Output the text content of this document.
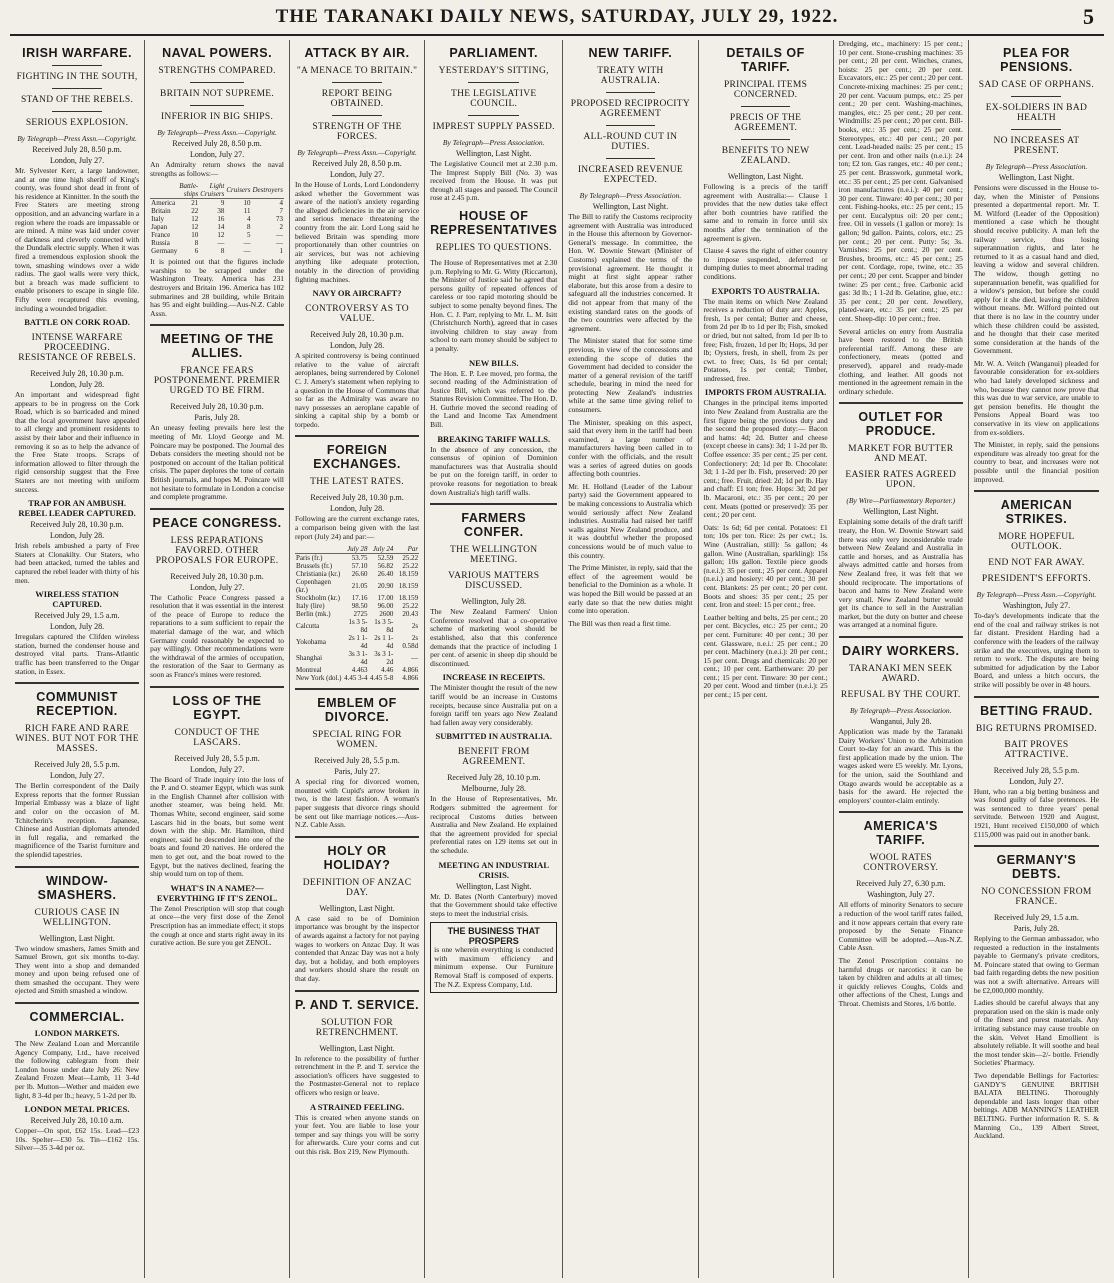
THE TARANAKI DAILY NEWS, SATURDAY, JULY 29, 1922.	5
IRISH WARFARE.
FIGHTING IN THE SOUTH,
STAND OF THE REBELS.
SERIOUS EXPLOSION.
By Telegraph—Press Assn.—Copyright.
Received July 28, 8.50 p.m.
London, July 27.

Mr. Sylvester Kerr, a large landowner, and at one time high sheriff of King's county, was found shot dead in front of his residence at Kinnitter. In the south the Free Staters are meeting strong opposition, and an advancing warfare in a region where the roads are impassable or are mined. A mine was laid under cover of darkness and cleverly connected with the Dundalk electric supply. When it was fired a tremendous explosion shook the town, smashing windows over a wide radius. The gaol walls were very thick, but a breach was made sufficient to enable prisoners to escape in single file. Fifty were recaptured this evening, including a wounded brigadier.

BATTLE ON CORK ROAD.
INTENSE WARFARE PROCEEDING. RESISTANCE OF REBELS.
Received July 28, 10.30 p.m.
London, July 28.

An important and widespread fight appears to be in progress on the Cork Road, which is so barricaded and mined that the local government have appealed to all clergy and prominent residents to assist by their labor and their influence in removing it so as to help the advance of the Free State troops. Scraps of information allowed to filter through the rigid censorship suggest that the Free Staters are not meeting with uniform success.

TRAP FOR AN AMBUSH. REBEL LEADER CAPTURED.
Received July 28, 10.30 p.m.
London, July 28.

Irish rebels ambushed a party of Free Staters at Clonakilty. Our Staters, who had been attacked, turned the tables and captured the rebel leader with thirty of his men.

WIRELESS STATION CAPTURED.
Received July 29, 1.5 a.m.
London, July 28.

Irregulars captured the Clifden wireless station, burned the condenser house and destroyed vital parts. Trans-Atlantic traffic has been transferred to the Ongar station, in Essex.

COMMUNIST RECEPTION.
RICH FARE AND RARE WINES. BUT NOT FOR THE MASSES.
Received July 28, 5.5 p.m.
London, July 27.

The Berlin correspondent of the Daily Express reports that the former Russian Imperial Embassy was a blaze of light and color on the occasion of M. Tchitcherin's reception. Japanese, Chinese and Austrian diplomats attended in full regalia, and remarked the magnificence of the Tsarist furniture and the splendid tapestries.

WINDOW-SMASHERS.
CURIOUS CASE IN WELLINGTON.
Wellington, Last Night.

Two window smashers, James Smith and Samuel Brown, got six months to-day. They went into a shop and demanded money and upon being refused one of them smashed the occupant. They were ejected and Smith smashed a window.

COMMERCIAL.
LONDON MARKETS.

The New Zealand Loan and Mercantile Agency Company, Ltd., have received the following cablegram from their London house under date July 26: New Zealand Frozen Meat—Lamb, 11 3-4d per lb. Mutton—Wether and maiden ewe light, 8 3-4d per lb.; heavy, 5 1-2d per lb.

LONDON METAL PRICES.
Received July 28, 10.10 a.m.

Copper—On spot, £62 15s. Lead—£23 10s. Spelter—£30 5s. Tin—£162 15s. Silver—35 3-4d per oz.

NAVAL POWERS.
STRENGTHS COMPARED.
BRITAIN NOT SUPREME.
INFERIOR IN BIG SHIPS.
By Telegraph—Press Assn.—Copyright.
Received July 28, 8.50 p.m.
London, July 27.

An Admiralty return shows the naval strengths as follows:—

	Battle-ships	Light Cruisers	Cruisers	Destroyers
America	21	9	10	4
Britain	22	38	11	7
Italy	12	16	4	73
Japan	12	14	8	2
France	10	12	5	—
Russia	8	—	—	—
Germany	6	8	—	1

It is pointed out that the figures include warships to be scrapped under the Washington Treaty. America has 231 destroyers and Britain 196. America has 102 submarines and 28 building, while Britain has 95 and eight building.—Aus-N.Z. Cable Assn.

MEETING OF THE ALLIES.
FRANCE FEARS POSTPONEMENT. PREMIER URGED TO BE FIRM.
Received July 28, 10.30 p.m.
Paris, July 28.

An uneasy feeling prevails here lest the meeting of Mr. Lloyd George and M. Poincare may be postponed. The Journal des Debats considers the meeting should not be postponed on account of the Italian political crisis. The paper deplores the tone of certain British journals, and hopes M. Poincare will not hesitate to formulate in London a concise and complete programme.

PEACE CONGRESS.
LESS REPARATIONS FAVORED. OTHER PROPOSALS FOR EUROPE.
Received July 28, 10.30 p.m.
London, July 27.

The Catholic Peace Congress passed a resolution that it was essential in the interest of the peace of Europe to reduce the reparations to a sum sufficient to repair the material damage of the war, and which Germany could reasonably be expected to pay willingly. Other recommendations were the withdrawal of the armies of occupation, the restoration of the Saar to Germany as soon as France's mines were restored.

LOSS OF THE EGYPT.
CONDUCT OF THE LASCARS.
Received July 28, 5.5 p.m.
London, July 27.

The Board of Trade inquiry into the loss of the P. and O. steamer Egypt, which was sunk in the English Channel after collision with another steamer, was being held. Mr. Thomas White, second engineer, said some Lascars hid in the boats, but some went down with the ship. Mr. Hamilton, third engineer, said he descended into one of the boats and found 20 natives. He ordered the men to get out, and the boat rowed to the Egypt, but the natives declined, fearing the ship would turn on top of them.

WHAT'S IN A NAME?—EVERYTHING IF IT'S ZENOL.

The Zenol Prescription will stop that cough at once—the very first dose of the Zenol Prescription has an immediate effect; it stops the cough at once and starts right away in its curative action. Be sure you get ZENOL.

ATTACK BY AIR.
"A MENACE TO BRITAIN."
REPORT BEING OBTAINED.
STRENGTH OF THE FORCES.
By Telegraph—Press Assn.—Copyright.
Received July 28, 8.50 p.m.
London, July 27.

In the House of Lords, Lord Londonderry asked whether the Government was aware of the nation's anxiety regarding the alleged deficiencies in the air service and serious menace threatening the country from the air. Lord Long said he believed Britain was spending more proportionately than other countries on air services, but was not achieving anything like adequate protection, notably in the direction of providing fighting machines.

NAVY OR AIRCRAFT?
CONTROVERSY AS TO VALUE.
Received July 28, 10.30 p.m.
London, July 28.

A spirited controversy is being continued relative to the value of aircraft aeroplanes, being surrendered by Colonel C. J. Amery's statement when replying to a question in the House of Commons that so far as the Admiralty was aware no navy possesses an aeroplane capable of sinking a capital ship by a bomb or torpedo.

FOREIGN EXCHANGES.
THE LATEST RATES.
Received July 28, 10.30 p.m.
London, July 28.

Following are the current exchange rates, a comparison being given with the last report (July 24) and par:—

	July 28	July 24	Par
Paris (fr.)	53.75	52.59	25.22
Brussels (fr.)	57.10	56.82	25.22
Christiania (kr.)	26.60	26.40	18.159
Copenhagen (kr.)	21.05	20.90	18.159
Stockholm (kr.)	17.16	17.00	18.159
Italy (lire)	98.50	96.00	25.22
Berlin (mk.)	2725	2600	20.43
Calcutta	1s 3 5-8d	1s 3 5-8d	2s
Yokohama	2s 1 1-4d	2s 1 1-4d	2s 0.58d
Shanghai	3s 3 1-4d	3s 3 1-2d	—
Montreal	4.463	4.46	4.866
New York (dol.)	4.45 3-4	4.45 5-8	4.866
EMBLEM OF DIVORCE.
SPECIAL RING FOR WOMEN.
Received July 28, 5.5 p.m.
Paris, July 27.

A special ring for divorced women, mounted with Cupid's arrow broken in two, is the latest fashion. A woman's paper suggests that divorce rings should be sent out like marriage notices.—Aus-N.Z. Cable Assn.

HOLY OR HOLIDAY?
DEFINITION OF ANZAC DAY.
Wellington, Last Night.

A case said to be of Dominion importance was brought by the inspector of awards against a factory for not paying wages to workers on Anzac Day. It was contended that Anzac Day was not a holy day, but a holiday, and both employers and workers should share the result on that day.

P. AND T. SERVICE.
SOLUTION FOR RETRENCHMENT.
Wellington, Last Night.

In reference to the possibility of further retrenchment in the P. and T. service the association's officers have suggested to the Postmaster-General not to replace officers who resign or leave.

A STRAINED FEELING.

This is created when anyone stands on your feet. You are liable to lose your temper and say things you will be sorry for afterwards. Cure your corns and cut out this risk. Box 219, New Plymouth.

PARLIAMENT.
YESTERDAY'S SITTING,
THE LEGISLATIVE COUNCIL.
IMPREST SUPPLY PASSED.
By Telegraph—Press Association.
Wellington, Last Night.

The Legislative Council met at 2.30 p.m. The Imprest Supply Bill (No. 3) was received from the House. It was put through all stages and passed. The Council rose at 2.45 p.m.

HOUSE OF REPRESENTATIVES
REPLIES TO QUESTIONS.

The House of Representatives met at 2.30 p.m. Replying to Mr. G. Witty (Riccarton), the Minister of Justice said he agreed that persons guilty of repeated offences of careless or too rapid motoring should be subject to some penalty beyond fines. The Hon. C. J. Parr, replying to Mr. L. M. Isitt (Christchurch North), agreed that in cases involving children to stay away from school to earn money should be subject to a penalty.

NEW BILLS.

The Hon. E. P. Lee moved, pro forma, the second reading of the Administration of Justice Bill, which was referred to the Statutes Revision Committee. The Hon. D. H. Guthrie moved the second reading of the Land and Income Tax Amendment Bill.

BREAKING TARIFF WALLS.

In the absence of any concession, the consensus of opinion of Dominion manufacturers was that Australia should be put on the foreign tariff, in order to provoke reasons for negotiation to break down Australia's high tariff walls.

FARMERS CONFER.
THE WELLINGTON MEETING.
VARIOUS MATTERS DISCUSSED.
Wellington, July 28.

The New Zealand Farmers' Union Conference resolved that a co-operative scheme of marketing wool should be established, also that this conference demands that the practice of including 1 per cent. of arsenic in sheep dip should be discontinued.

INCREASE IN RECEIPTS.

The Minister thought the result of the new tariff would be an increase in Customs receipts, because since Australia put on a foreign tariff ten years ago New Zealand had fallen away very considerably.

SUBMITTED IN AUSTRALIA.
BENEFIT FROM AGREEMENT.
Received July 28, 10.10 p.m.
Melbourne, July 28.

In the House of Representatives, Mr. Rodgers submitted the agreement for reciprocal Customs duties between Australia and New Zealand. He explained that the agreement provided for special preferential rates on 129 items set out in the schedule.

MEETING AN INDUSTRIAL CRISIS.
Wellington, Last Night.

Mr. D. Bates (North Canterbury) moved that the Government should take effective steps to meet the industrial crisis.

THE BUSINESS THAT PROSPERS
is one wherein everything is conducted with maximum efficiency and minimum expense. Our Furniture Removal Staff is composed of experts. The N.Z. Express Company, Ltd.
NEW TARIFF.
TREATY WITH AUSTRALIA.
PROPOSED RECIPROCITY AGREEMENT
ALL-ROUND CUT IN DUTIES.
INCREASED REVENUE EXPECTED.
By Telegraph—Press Association.
Wellington, Last Night.

The Bill to ratify the Customs reciprocity agreement with Australia was introduced in the House this afternoon by Governor-General's message. In committee, the Hon. W. Downie Stewart (Minister of Customs) explained the terms of the provisional agreement. He thought it might at first sight appear rather elaborate, but this arose from a desire to safeguard all the industries concerned. It did not appear from that many of the existing standard rates on the goods of the two countries were affected by the agreement.

The Minister stated that for some time previous, in view of the concessions and extending the scope of duties the Government had decided to consider the matter of a general revision of the tariff schedule, bearing in mind the need for protecting New Zealand's industries while at the same time giving relief to consumers.

The Minister, speaking on this aspect, said that every item in the tariff had been examined, a large number of manufacturers having been called in to confer with the officials, and the result was a series of agreed duties on goods affecting both countries.

Mr. H. Holland (Leader of the Labour party) said the Government appeared to be making concessions to Australia which would seriously affect New Zealand industries. Australia had raised her tariff walls against New Zealand produce, and it was doubtful whether the proposed concessions would be of much value to this country.

The Prime Minister, in reply, said that the effect of the agreement would be beneficial to the Dominion as a whole. It was hoped the Bill would be passed at an early date so that the new duties might come into operation.

The Bill was then read a first time.

DETAILS OF TARIFF.
PRINCIPAL ITEMS CONCERNED.
PRECIS OF THE AGREEMENT.
BENEFITS TO NEW ZEALAND.
Wellington, Last Night.

Following is a precis of the tariff agreement with Australia:— Clause 1 provides that the new duties take effect after both countries have ratified the same and to remain in force until six months after the termination of the agreement is given.

Clause 4 saves the right of either country to impose suspended, deferred or dumping duties to meet abnormal trading conditions.

EXPORTS TO AUSTRALIA.

The main items on which New Zealand receives a reduction of duty are: Apples, fresh, 1s per cental; Butter and cheese, from 2d per lb to 1d per lb; Fish, smoked or dried, but not salted, from 1d per lb to free; Fish, frozen, 1d per lb; Hops, 3d per lb; Oysters, fresh, in shell, from 2s per cwt. to free; Oats, 1s 6d per cental; Potatoes, 1s per cental; Timber, undressed, free.

IMPORTS FROM AUSTRALIA.

Changes in the principal items imported into New Zealand from Australia are the first figure being the previous duty and the second the proposed duty:— Bacon and hams: 4d; 2d. Butter and cheese (except cheese in cans): 3d; 1 1-2d per lb. Coffee essence: 35 per cent.; 25 per cent. Confectionery: 2d; 1d per lb. Chocolate: 3d; 1 1-2d per lb. Fish, preserved: 20 per cent.; free. Fruit, dried: 2d; 1d per lb. Hay and chaff: £1 ton; free. Hops: 3d; 2d per lb. Macaroni, etc.: 35 per cent.; 20 per cent. Meats (potted or preserved): 35 per cent.; 20 per cent.

Oats: 1s 6d; 6d per cental. Potatoes: £1 ton; 10s per ton. Rice: 2s per cwt.; 1s. Wine (Australian, still): 5s gallon; 4s gallon. Wine (Australian, sparkling): 15s gallon; 10s gallon. Textile piece goods (n.e.i.): 35 per cent.; 25 per cent. Apparel (n.e.i.) and hosiery: 40 per cent.; 30 per cent. Blankets: 25 per cent.; 20 per cent. Boots and shoes: 35 per cent.; 25 per cent. Iron and steel: 15 per cent.; free.

Leather belting and belts, 25 per cent.; 20 per cent. Bicycles, etc.: 25 per cent.; 20 per cent. Furniture: 40 per cent.; 30 per cent. Glassware, n.e.i.: 25 per cent.; 20 per cent. Machinery (n.e.i.): 20 per cent.; 15 per cent. Drugs and chemicals: 20 per cent.; 10 per cent. Earthenware: 20 per cent.; 15 per cent. Tinware: 30 per cent.; 20 per cent. Wood and timber (n.e.i.): 25 per cent.; 15 per cent.

Dredging, etc., machinery: 15 per cent.; 10 per cent. Stone-crushing machines: 35 per cent.; 20 per cent. Winches, cranes, hoists: 25 per cent.; 20 per cent. Excavators, etc.: 25 per cent.; 20 per cent. Concrete-mixing machines: 25 per cent.; 20 per cent. Vacuum pumps, etc.: 25 per cent.; 20 per cent. Washing-machines, mangles, etc.: 25 per cent.; 20 per cent. Windmills: 25 per cent.; 20 per cent. Bill-books, etc.: 35 per cent.; 25 per cent. Stereotypes, etc.: 40 per cent.; 20 per cent. Lead-headed nails: 25 per cent.; 15 per cent. Iron and other nails (n.e.i.): 24 ton; £2 ton. Gas ranges, etc.: 40 per cent.; 25 per cent. Brasswork, gunmetal work, etc.: 35 per cent.; 25 per cent. Galvanised iron manufactures (n.e.i.): 40 per cent.; 30 per cent. Tinware: 40 per cent.; 30 per cent. Fishing-hooks, etc.: 25 per cent.; 15 per cent. Eucalyptus oil: 20 per cent.; free. Oil in vessels (1 gallon or more): 1s gallon; 9d gallon. Paints, colors, etc.: 25 per cent.; 20 per cent. Putty: 5s; 3s. Varnishes: 25 per cent.; 20 per cent. Brushes, brooms, etc.: 45 per cent.; 25 per cent. Cordage, rope, twine, etc.: 35 per cent.; 20 per cent. Scapper and binder twine: 25 per cent.; free. Carbonic acid gas: 3d lb.; 1 1-2d lb. Gelatine, glue, etc.: 35 per cent.; 20 per cent. Jewellery, plated-ware, etc.: 35 per cent.; 25 per cent. Sheep-dip: 10 per cent.; free.

Several articles on entry from Australia have been restored to the British preferential tariff. Among these are confectionery, meats (potted and preserved), apparel and ready-made clothing, and leather. All goods not mentioned in the agreement remain in the ordinary schedule.

OUTLET FOR PRODUCE.
MARKET FOR BUTTER AND MEAT.
EASIER RATES AGREED UPON.
(By Wire—Parliamentary Reporter.)
Wellington, Last Night.

Explaining some details of the draft tariff treaty, the Hon. W. Downie Stewart said there was only very inconsiderable trade between New Zealand and Australia in cattle and horses, and as Australia has always admitted cattle and horses from New Zealand free, it was felt that we should reciprocate. The importations of bacon and hams to New Zealand were very small. New Zealand butter would get its chance to sell in the Australian market, but the duty on butter and cheese was arranged at a nominal figure.

DAIRY WORKERS.
TARANAKI MEN SEEK AWARD.
REFUSAL BY THE COURT.
By Telegraph—Press Association.
Wanganui, July 28.

Application was made by the Taranaki Dairy Workers' Union to the Arbitration Court to-day for an award. This is the first application made by the union. The wages asked were £5 weekly. Mr. Lyons, for the union, said the Southland and Otago awards would be acceptable as a basis for the award. He rejected the employers' counter-claim entirely.

AMERICA'S TARIFF.
WOOL RATES CONTROVERSY.
Received July 27, 6.30 p.m.
Washington, July 27.

All efforts of minority Senators to secure a reduction of the wool tariff rates failed, and it now appears certain that every rate proposed by the Senate Finance Committee will be adopted.—Aus-N.Z. Cable Assn.

The Zenol Prescription contains no harmful drugs or narcotics: it can be taken by children and adults at all times; it quickly relieves Coughs, Colds and other affections of the Chest, Lungs and Throat. Chemists and Stores, 1/6 bottle.

PLEA FOR PENSIONS.
SAD CASE OF ORPHANS.
EX-SOLDIERS IN BAD HEALTH
NO INCREASES AT PRESENT.
By Telegraph—Press Association.
Wellington, Last Night.

Pensions were discussed in the House to-day, when the Minister of Pensions presented a departmental report. Mr. T. M. Wilford (Leader of the Opposition) mentioned a case which he thought should receive publicity. A man left the railway service, thus losing superannuation rights, and later he returned to it as a casual hand and died, leaving a widow and several children. The widow, though getting no superannuation benefit, was qualified for a widow's pension, but before she could apply for it she died, leaving the children without means. Mr. Wilford pointed out that there is no law in the country under which these children could be assisted, and he thought that their case merited some consideration at the hands of the Government.

Mr. W. A. Veitch (Wanganui) pleaded for favourable consideration for ex-soldiers who had lately developed sickness and who, because they cannot now prove that this was due to war service, are unable to get pension benefits. He thought the Pensions Appeal Board was too conservative in its view on applications from ex-soldiers.

The Minister, in reply, said the pensions expenditure was already too great for the country to bear, and increases were not possible until the financial position improved.

AMERICAN STRIKES.
MORE HOPEFUL OUTLOOK.
END NOT FAR AWAY.
PRESIDENT'S EFFORTS.
By Telegraph—Press Assn.—Copyright.
Washington, July 27.

To-day's developments indicate that the end of the coal and railway strikes is not far distant. President Harding had a conference with the leaders of the railway strike and the executives, urging them to return to work. The disputes are being submitted for adjudication by the Labor Board, and unless a hitch occurs, the strike will possibly be over in 48 hours.

BETTING FRAUD.
BIG RETURNS PROMISED.
BAIT PROVES ATTRACTIVE.
Received July 28, 5.5 p.m.
London, July 27.

Hunt, who ran a big betting business and was found guilty of false pretences. He was sentenced to three years' penal servitude. Between 1920 and August, 1921, Hunt received £150,000 of which £115,000 was paid out in another bank.

GERMANY'S DEBTS.
NO CONCESSION FROM FRANCE.
Received July 29, 1.5 a.m.
Paris, July 28.

Replying to the German ambassador, who requested a reduction in the instalments payable to Germany's private creditors, M. Poincare stated that owing to German bad faith regarding debts the new position was not a swift alternative. Arrears will be £2,000,000 monthly.

Ladies should be careful always that any preparation used on the skin is made only of the finest and purest materials. Any irritating substance may cause trouble on the skin. Velvet Hand Emollient is absolutely reliable. It will soothe and heal the most tender skin—2/- bottle. Friendly Societies' Pharmacy.

Two dependable Bellings for Factories: GANDY'S GENUINE BRITISH BALATA BELTING. Thoroughly dependable and lasts longer than other beltings. ADB MANNING'S LEATHER BELTING. Further information R. S. & Manning Co., 139 Albert Street, Auckland.
